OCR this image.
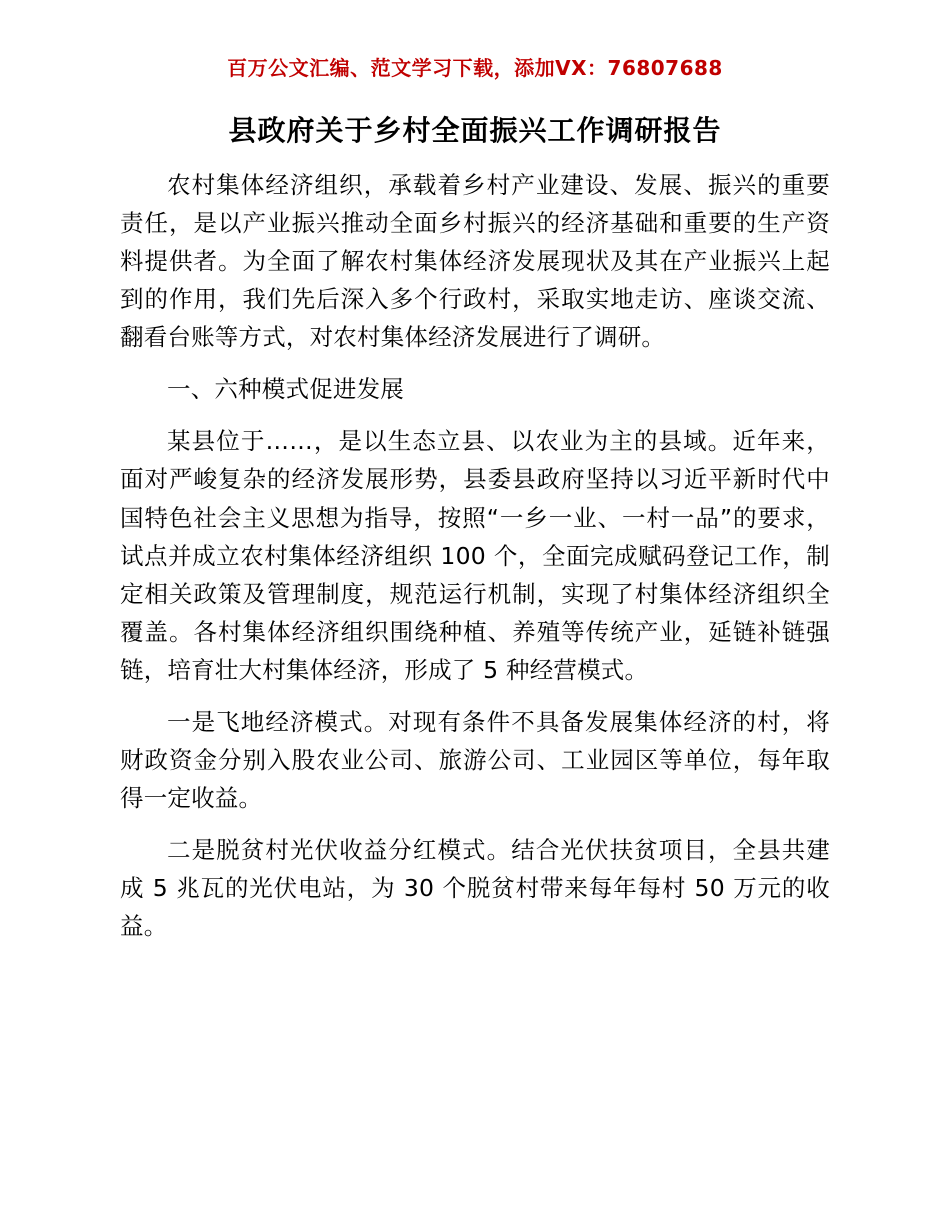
百万公文汇编、范文学习下载，添加VX：76807688
县政府关于乡村全面振兴工作调研报告

农村集体经济组织，承载着乡村产业建设、发展、振兴的重要责任，是以产业振兴推动全面乡村振兴的经济基础和重要的生产资料提供者。为全面了解农村集体经济发展现状及其在产业振兴上起到的作用，我们先后深入多个行政村，采取实地走访、座谈交流、翻看台账等方式，对农村集体经济发展进行了调研。

一、六种模式促进发展

某县位于……，是以生态立县、以农业为主的县域。近年来，面对严峻复杂的经济发展形势，县委县政府坚持以习近平新时代中国特色社会主义思想为指导，按照“一乡一业、一村一品”的要求，试点并成立农村集体经济组织 100 个，全面完成赋码登记工作，制定相关政策及管理制度，规范运行机制，实现了村集体经济组织全覆盖。各村集体经济组织围绕种植、养殖等传统产业，延链补链强链，培育壮大村集体经济，形成了 5 种经营模式。

一是飞地经济模式。对现有条件不具备发展集体经济的村，将财政资金分别入股农业公司、旅游公司、工业园区等单位，每年取得一定收益。

二是脱贫村光伏收益分红模式。结合光伏扶贫项目，全县共建成 5 兆瓦的光伏电站，为 30 个脱贫村带来每年每村 50 万元的收益。
